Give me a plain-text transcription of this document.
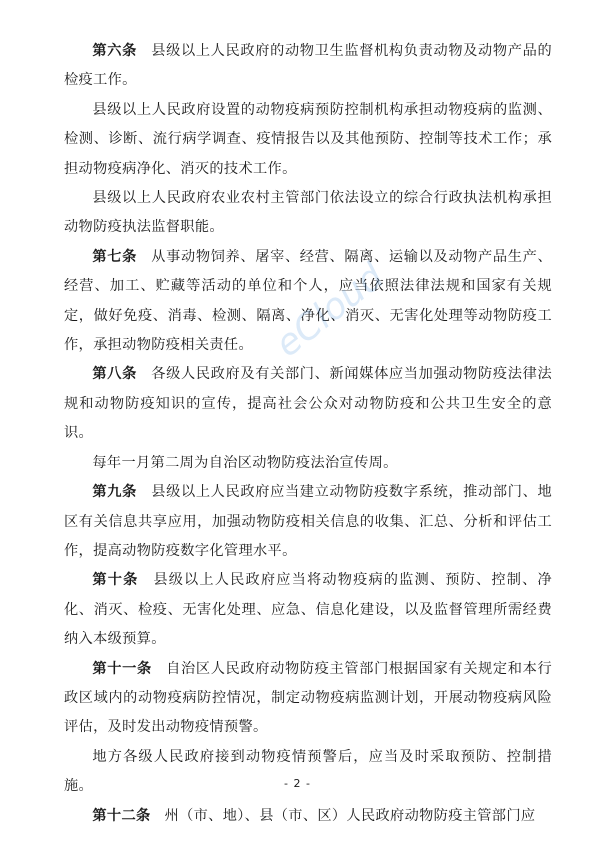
第六条 县级以上人民政府的动物卫生监督机构负责动物及动物产品的检疫工作。

县级以上人民政府设置的动物疫病预防控制机构承担动物疫病的监测、检测、诊断、流行病学调查、疫情报告以及其他预防、控制等技术工作；承担动物疫病净化、消灭的技术工作。

县级以上人民政府农业农村主管部门依法设立的综合行政执法机构承担动物防疫执法监督职能。

第七条 从事动物饲养、屠宰、经营、隔离、运输以及动物产品生产、经营、加工、贮藏等活动的单位和个人，应当依照法律法规和国家有关规定，做好免疫、消毒、检测、隔离、净化、消灭、无害化处理等动物防疫工作，承担动物防疫相关责任。

第八条 各级人民政府及有关部门、新闻媒体应当加强动物防疫法律法规和动物防疫知识的宣传，提高社会公众对动物防疫和公共卫生安全的意识。

每年一月第二周为自治区动物防疫法治宣传周。

第九条 县级以上人民政府应当建立动物防疫数字系统，推动部门、地区有关信息共享应用，加强动物防疫相关信息的收集、汇总、分析和评估工作，提高动物防疫数字化管理水平。

第十条 县级以上人民政府应当将动物疫病的监测、预防、控制、净化、消灭、检疫、无害化处理、应急、信息化建设，以及监督管理所需经费纳入本级预算。

第十一条 自治区人民政府动物防疫主管部门根据国家有关规定和本行政区域内的动物疫病防控情况，制定动物疫病监测计划，开展动物疫病风险评估，及时发出动物疫情预警。

地方各级人民政府接到动物疫情预警后，应当及时采取预防、控制措施。

第十二条 州（市、地）、县（市、区）人民政府动物防疫主管部门应

eCloud
- 2 -
